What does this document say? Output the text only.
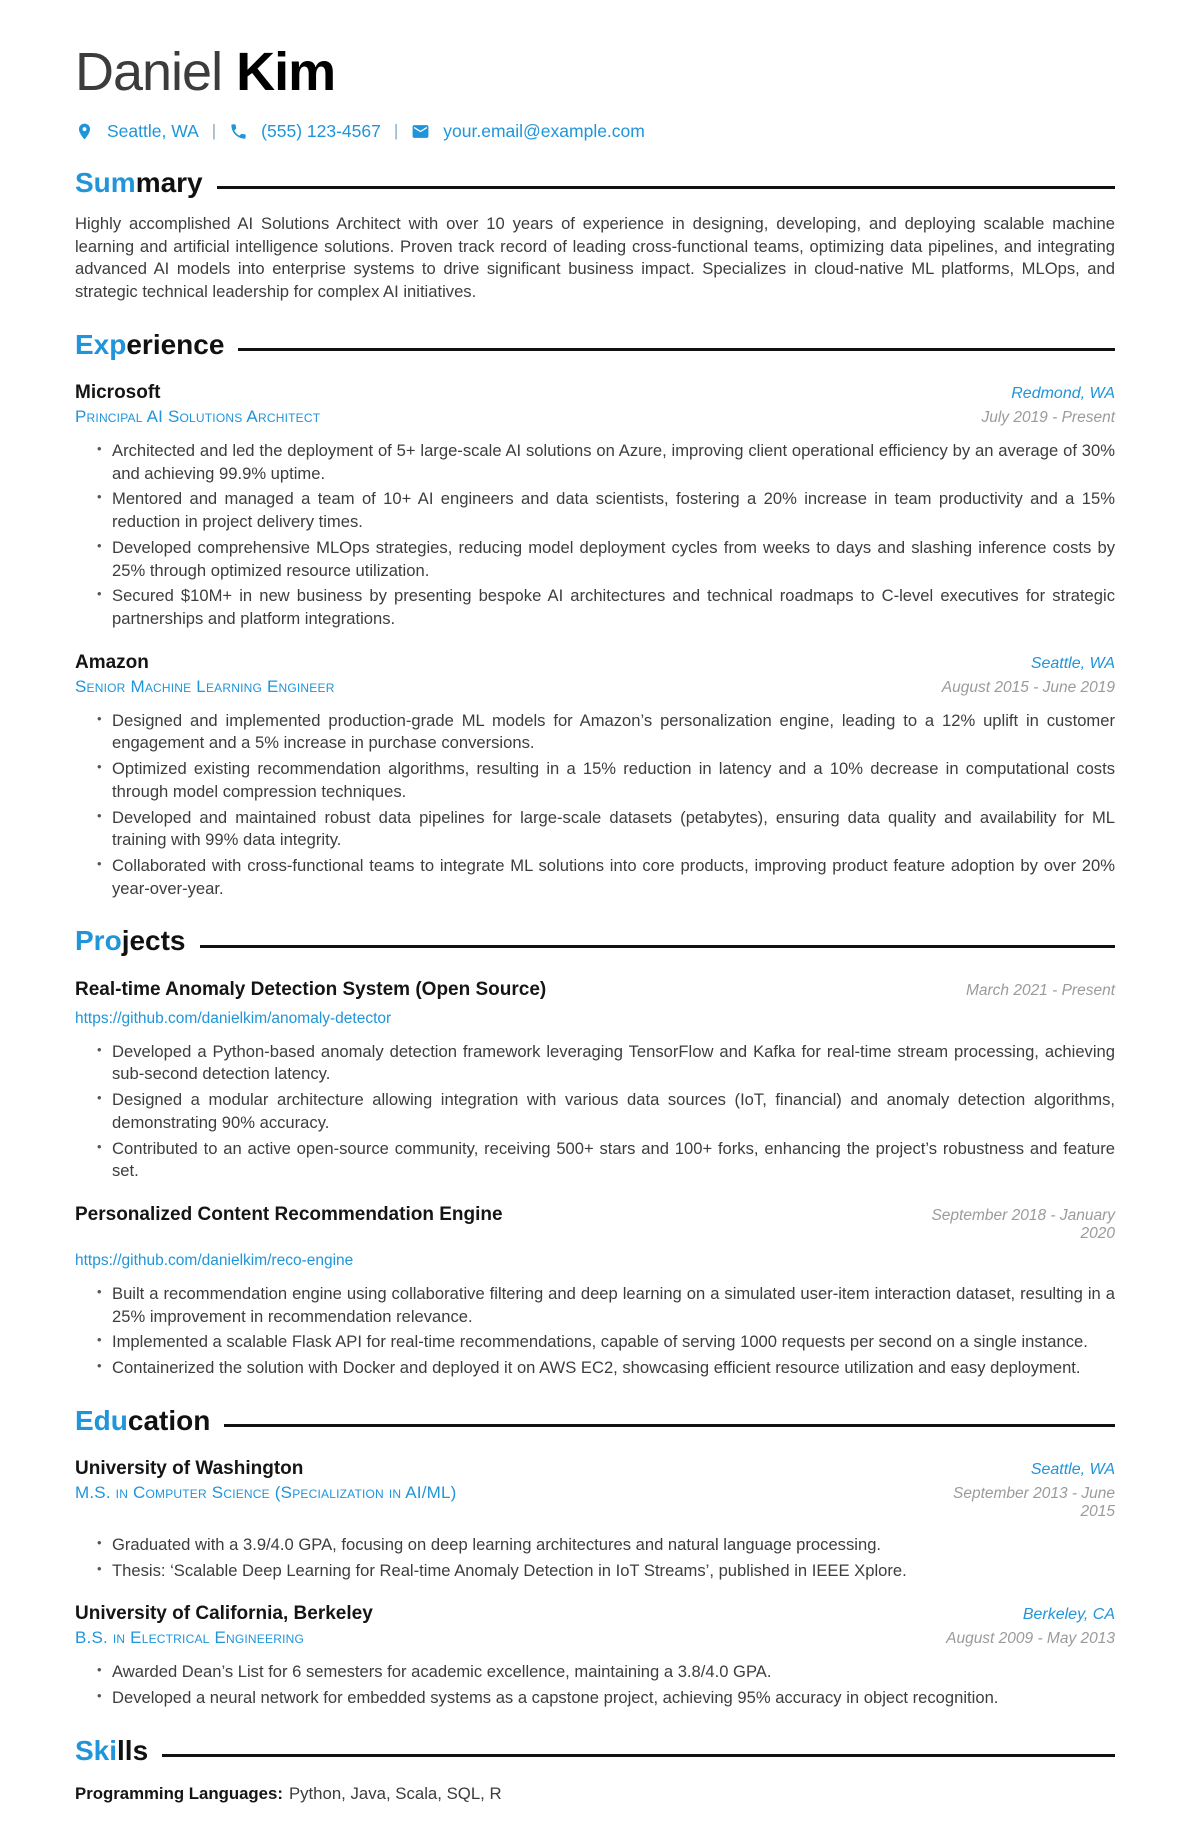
Daniel Kim
Seattle, WA |	(555) 123-4567 |	your.email@example.com
Sum mary

Highly accomplished AI Solutions Architect with over 10 years of experience in designing, developing, and deploying scalable machine learning and artificial intelligence solutions. Proven track record of leading cross-functional teams, optimizing data pipelines, and integrating advanced AI models into enterprise systems to drive significant business impact. Specializes in cloud-native ML platforms, MLOps, and strategic technical leadership for complex AI initiatives.

Exp erience
Microsoft	Redmond, WA
Principal AI Solutions Architect	July 2019 - Present
• Architected and led the deployment of 5+ large-scale AI solutions on Azure, improving client operational efficiency by an average of 30% and achieving 99.9% uptime.
• Mentored and managed a team of 10+ AI engineers and data scientists, fostering a 20% increase in team productivity and a 15% reduction in project delivery times.
• Developed comprehensive MLOps strategies, reducing model deployment cycles from weeks to days and slashing inference costs by 25% through optimized resource utilization.
• Secured $10M+ in new business by presenting bespoke AI architectures and technical roadmaps to C-level executives for strategic partnerships and platform integrations.
Amazon	Seattle, WA
Senior Machine Learning Engineer	August 2015 - June 2019
• Designed and implemented production-grade ML models for Amazon’s personalization engine, leading to a 12% uplift in customer engagement and a 5% increase in purchase conversions.
• Optimized existing recommendation algorithms, resulting in a 15% reduction in latency and a 10% decrease in computational costs through model compression techniques.
• Developed and maintained robust data pipelines for large-scale datasets (petabytes), ensuring data quality and availability for ML training with 99% data integrity.
• Collaborated with cross-functional teams to integrate ML solutions into core products, improving product feature adoption by over 20% year-over-year.
Pro jects
Real-time Anomaly Detection System (Open Source)	March 2021 - Present
https://github.com/danielkim/anomaly-detector
• Developed a Python-based anomaly detection framework leveraging TensorFlow and Kafka for real-time stream processing, achieving sub-second detection latency.
• Designed a modular architecture allowing integration with various data sources (IoT, financial) and anomaly detection algorithms, demonstrating 90% accuracy.
• Contributed to an active open-source community, receiving 500+ stars and 100+ forks, enhancing the project’s robustness and feature set.
Personalized Content Recommendation Engine	September 2018 - January 2020
https://github.com/danielkim/reco-engine
• Built a recommendation engine using collaborative filtering and deep learning on a simulated user-item interaction dataset, resulting in a 25% improvement in recommendation relevance.
• Implemented a scalable Flask API for real-time recommendations, capable of serving 1000 requests per second on a single instance.
• Containerized the solution with Docker and deployed it on AWS EC2, showcasing efficient resource utilization and easy deployment.
Edu cation
University of Washington	Seattle, WA
M.S. in Computer Science (Specialization in AI/ML)	September 2013 - June 2015
• Graduated with a 3.9/4.0 GPA, focusing on deep learning architectures and natural language processing.
• Thesis: ‘Scalable Deep Learning for Real-time Anomaly Detection in IoT Streams’, published in IEEE Xplore.
University of California, Berkeley	Berkeley, CA
B.S. in Electrical Engineering	August 2009 - May 2013
• Awarded Dean’s List for 6 semesters for academic excellence, maintaining a 3.8/4.0 GPA.
• Developed a neural network for embedded systems as a capstone project, achieving 95% accuracy in object recognition.
Ski lls
Programming Languages: Python, Java, Scala, SQL, R
